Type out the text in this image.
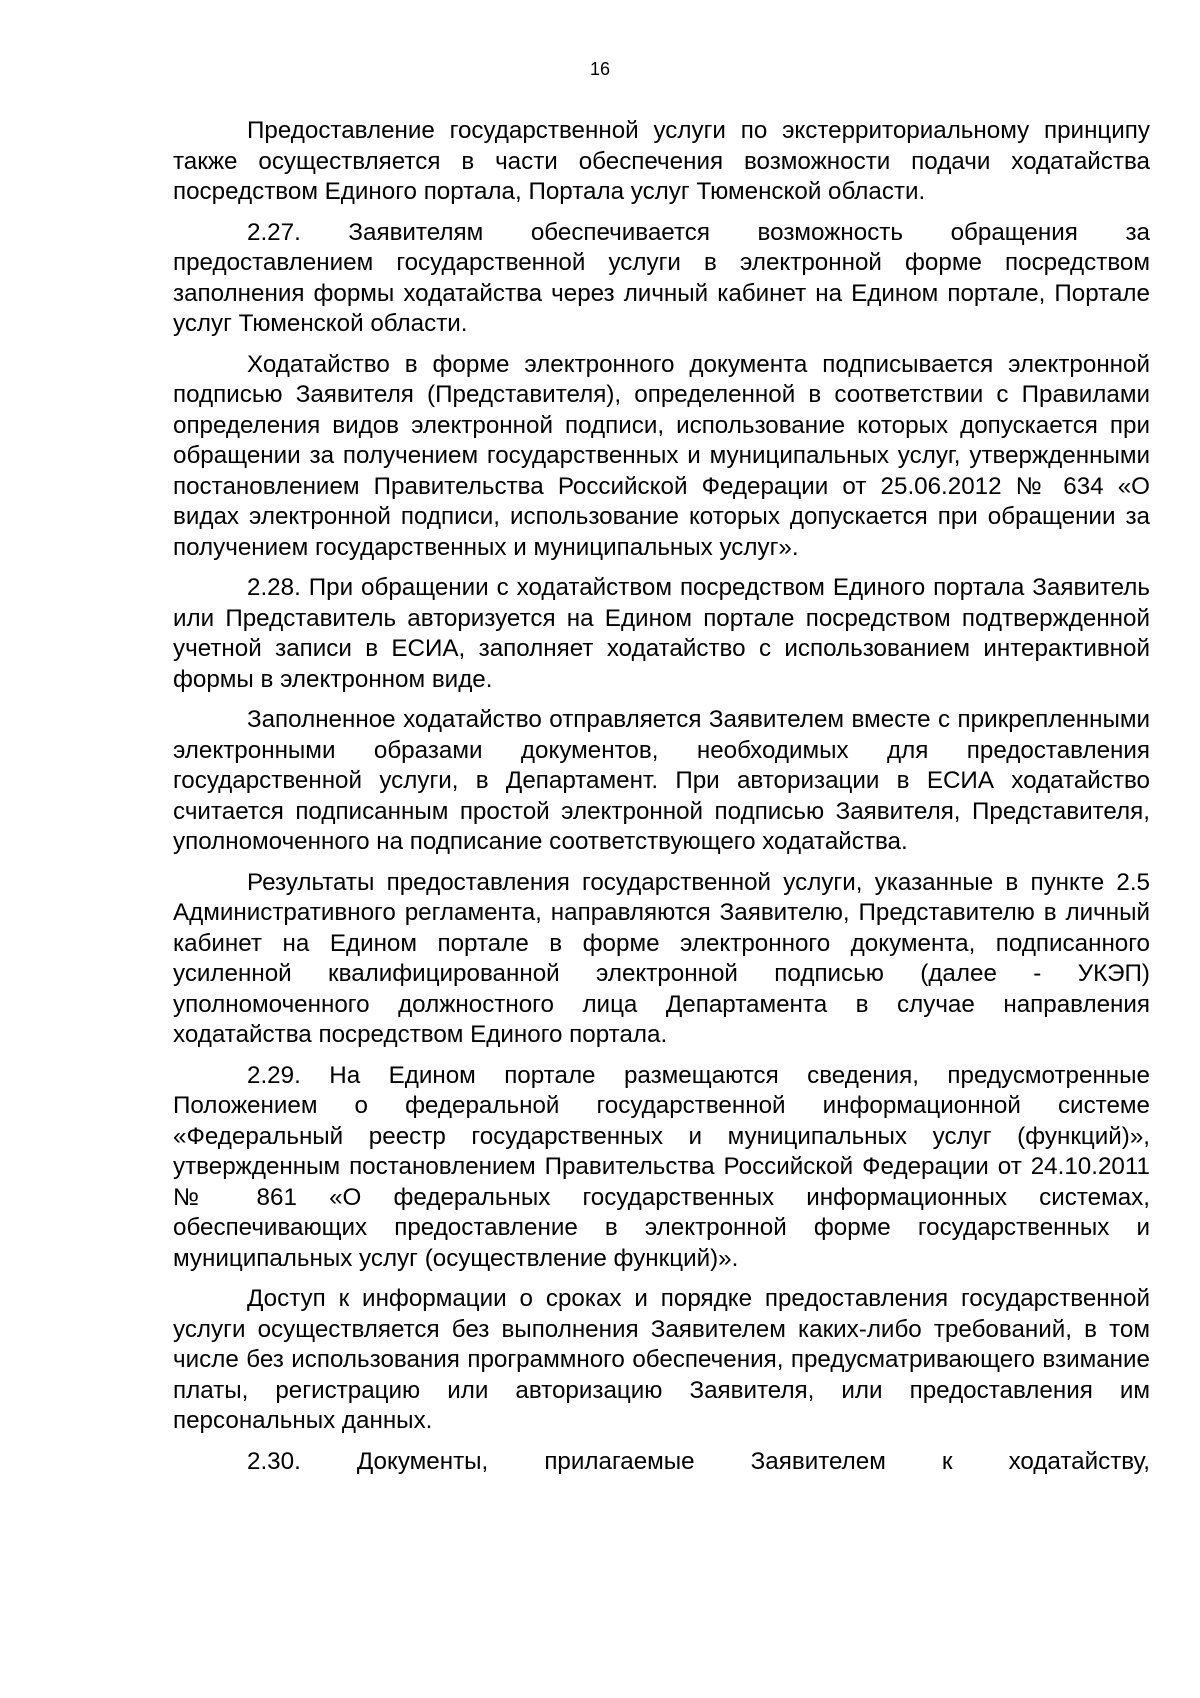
16

Предоставление государственной услуги по экстерриториальному принципу также осуществляется в части обеспечения возможности подачи ходатайства посредством Единого портала, Портала услуг Тюменской области.

2.27. Заявителям обеспечивается возможность обращения за предоставлением государственной услуги в электронной форме посредством заполнения формы ходатайства через личный кабинет на Едином портале, Портале услуг Тюменской области.

Ходатайство в форме электронного документа подписывается электронной подписью Заявителя (Представителя), определенной в соответствии с Правилами определения видов электронной подписи, использование которых допускается при обращении за получением государственных и муниципальных услуг, утвержденными постановлением Правительства Российской Федерации от 25.06.2012 № 634 «О видах электронной подписи, использование которых допускается при обращении за получением государственных и муниципальных услуг».

2.28. При обращении с ходатайством посредством Единого портала Заявитель или Представитель авторизуется на Едином портале посредством подтвержденной учетной записи в ЕСИА, заполняет ходатайство с использованием интерактивной формы в электронном виде.

Заполненное ходатайство отправляется Заявителем вместе с прикрепленными электронными образами документов, необходимых для предоставления государственной услуги, в Департамент. При авторизации в ЕСИА ходатайство считается подписанным простой электронной подписью Заявителя, Представителя, уполномоченного на подписание соответствующего ходатайства.

Результаты предоставления государственной услуги, указанные в пункте 2.5 Административного регламента, направляются Заявителю, Представителю в личный кабинет на Едином портале в форме электронного документа, подписанного усиленной квалифицированной электронной подписью (далее - УКЭП) уполномоченного должностного лица Департамента в случае направления ходатайства посредством Единого портала.

2.29. На Едином портале размещаются сведения, предусмотренные Положением о федеральной государственной информационной системе «Федеральный реестр государственных и муниципальных услуг (функций)», утвержденным постановлением Правительства Российской Федерации от 24.10.2011 № 861 «О федеральных государственных информационных системах, обеспечивающих предоставление в электронной форме государственных и муниципальных услуг (осуществление функций)».

Доступ к информации о сроках и порядке предоставления государственной услуги осуществляется без выполнения Заявителем каких-либо требований, в том числе без использования программного обеспечения, предусматривающего взимание платы, регистрацию или авторизацию Заявителя, или предоставления им персональных данных.

2.30. Документы, прилагаемые Заявителем к ходатайству,
